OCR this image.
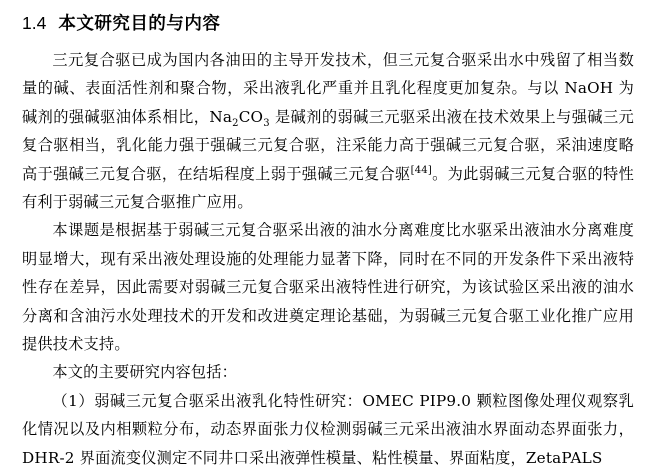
1.4 本文研究目的与内容

三元复合驱已成为国内各油田的主导开发技术，但三元复合驱采出水中残留了相当数量的碱、表面活性剂和聚合物，采出液乳化严重并且乳化程度更加复杂。与以 NaOH 为碱剂的强碱驱油体系相比，$Na_2CO_3$ 是碱剂的弱碱三元驱采出液在技术效果上与强碱三元复合驱相当，乳化能力强于强碱三元复合驱，注采能力高于强碱三元复合驱，采油速度略高于强碱三元复合驱，在结垢程度上弱于强碱三元复合驱[44]。为此弱碱三元复合驱的特性有利于弱碱三元复合驱推广应用。

本课题是根据基于弱碱三元复合驱采出液的油水分离难度比水驱采出液油水分离难度明显增大，现有采出液处理设施的处理能力显著下降，同时在不同的开发条件下采出液特性存在差异，因此需要对弱碱三元复合驱采出液特性进行研究，为该试验区采出液的油水分离和含油污水处理技术的开发和改进奠定理论基础，为弱碱三元复合驱工业化推广应用提供技术支持。

本文的主要研究内容包括：

（1）弱碱三元复合驱采出液乳化特性研究：OMEC PIP9.0 颗粒图像处理仪观察乳化情况以及内相颗粒分布，动态界面张力仪检测弱碱三元采出液油水界面动态界面张力，DHR-2 界面流变仪测定不同井口采出液弹性模量、粘性模量、界面粘度，ZetaPALS
